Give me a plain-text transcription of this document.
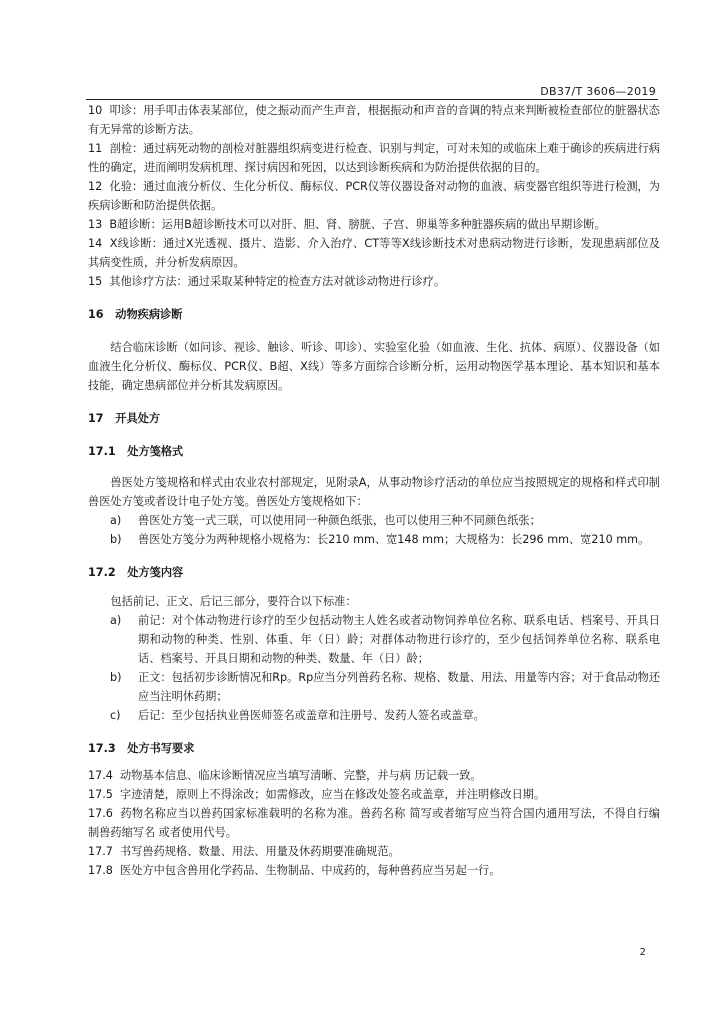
DB37/T 3606—2019

10 叩诊：用手叩击体表某部位，使之振动而产生声音，根据振动和声音的音调的特点来判断被检查部位的脏器状态有无异常的诊断方法。

11 剖检：通过病死动物的剖检对脏器组织病变进行检查、识别与判定，可对未知的或临床上难于确诊的疾病进行病性的确定，进而阐明发病机理、探讨病因和死因，以达到诊断疾病和为防治提供依据的目的。

12 化验：通过血液分析仪、生化分析仪、酶标仪、PCR仪等仪器设备对动物的血液、病变器官组织等进行检测，为疾病诊断和防治提供依据。

13 B超诊断：运用B超诊断技术可以对肝、胆、肾、膀胱、子宫、卵巢等多种脏器疾病的做出早期诊断。

14 X线诊断：通过X光透视、摄片、造影、介入治疗、CT等等X线诊断技术对患病动物进行诊断，发现患病部位及其病变性质，并分析发病原因。

15 其他诊疗方法：通过采取某种特定的检查方法对就诊动物进行诊疗。

16 动物疾病诊断

结合临床诊断（如问诊、视诊、触诊、听诊、叩诊）、实验室化验（如血液、生化、抗体、病原）、仪器设备（如血液生化分析仪、酶标仪、PCR仪、B超、X线）等多方面综合诊断分析，运用动物医学基本理论、基本知识和基本技能，确定患病部位并分析其发病原因。

17 开具处方

17.1 处方笺格式

兽医处方笺规格和样式由农业农村部规定，见附录A，从事动物诊疗活动的单位应当按照规定的规格和样式印制兽医处方笺或者设计电子处方笺。兽医处方笺规格如下：

a)	兽医处方笺一式三联，可以使用同一种颜色纸张，也可以使用三种不同颜色纸张；

b)	兽医处方笺分为两种规格小规格为：长210 mm、宽148 mm；大规格为：长296 mm、宽210 mm。

17.2 处方笺内容

包括前记、正文、后记三部分，要符合以下标准：

a)	前记：对个体动物进行诊疗的至少包括动物主人姓名或者动物饲养单位名称、联系电话、档案号、开具日期和动物的种类、性别、体重、年（日）龄；对群体动物进行诊疗的，至少包括饲养单位名称、联系电话、档案号、开具日期和动物的种类、数量、年（日）龄；

b)	正文：包括初步诊断情况和Rp。Rp应当分列兽药名称、规格、数量、用法、用量等内容；对于食品动物还应当注明休药期；

c)	后记：至少包括执业兽医师签名或盖章和注册号、发药人签名或盖章。

17.3 处方书写要求

17.4 动物基本信息、临床诊断情况应当填写清晰、完整，并与病 历记载一致。

17.5 字迹清楚，原则上不得涂改；如需修改，应当在修改处签名或盖章，并注明修改日期。

17.6 药物名称应当以兽药国家标准载明的名称为准。兽药名称 简写或者缩写应当符合国内通用写法，不得自行编制兽药缩写名 或者使用代号。

17.7 书写兽药规格、数量、用法、用量及休药期要准确规范。

17.8 医处方中包含兽用化学药品、生物制品、中成药的，每种兽药应当另起一行。

2
